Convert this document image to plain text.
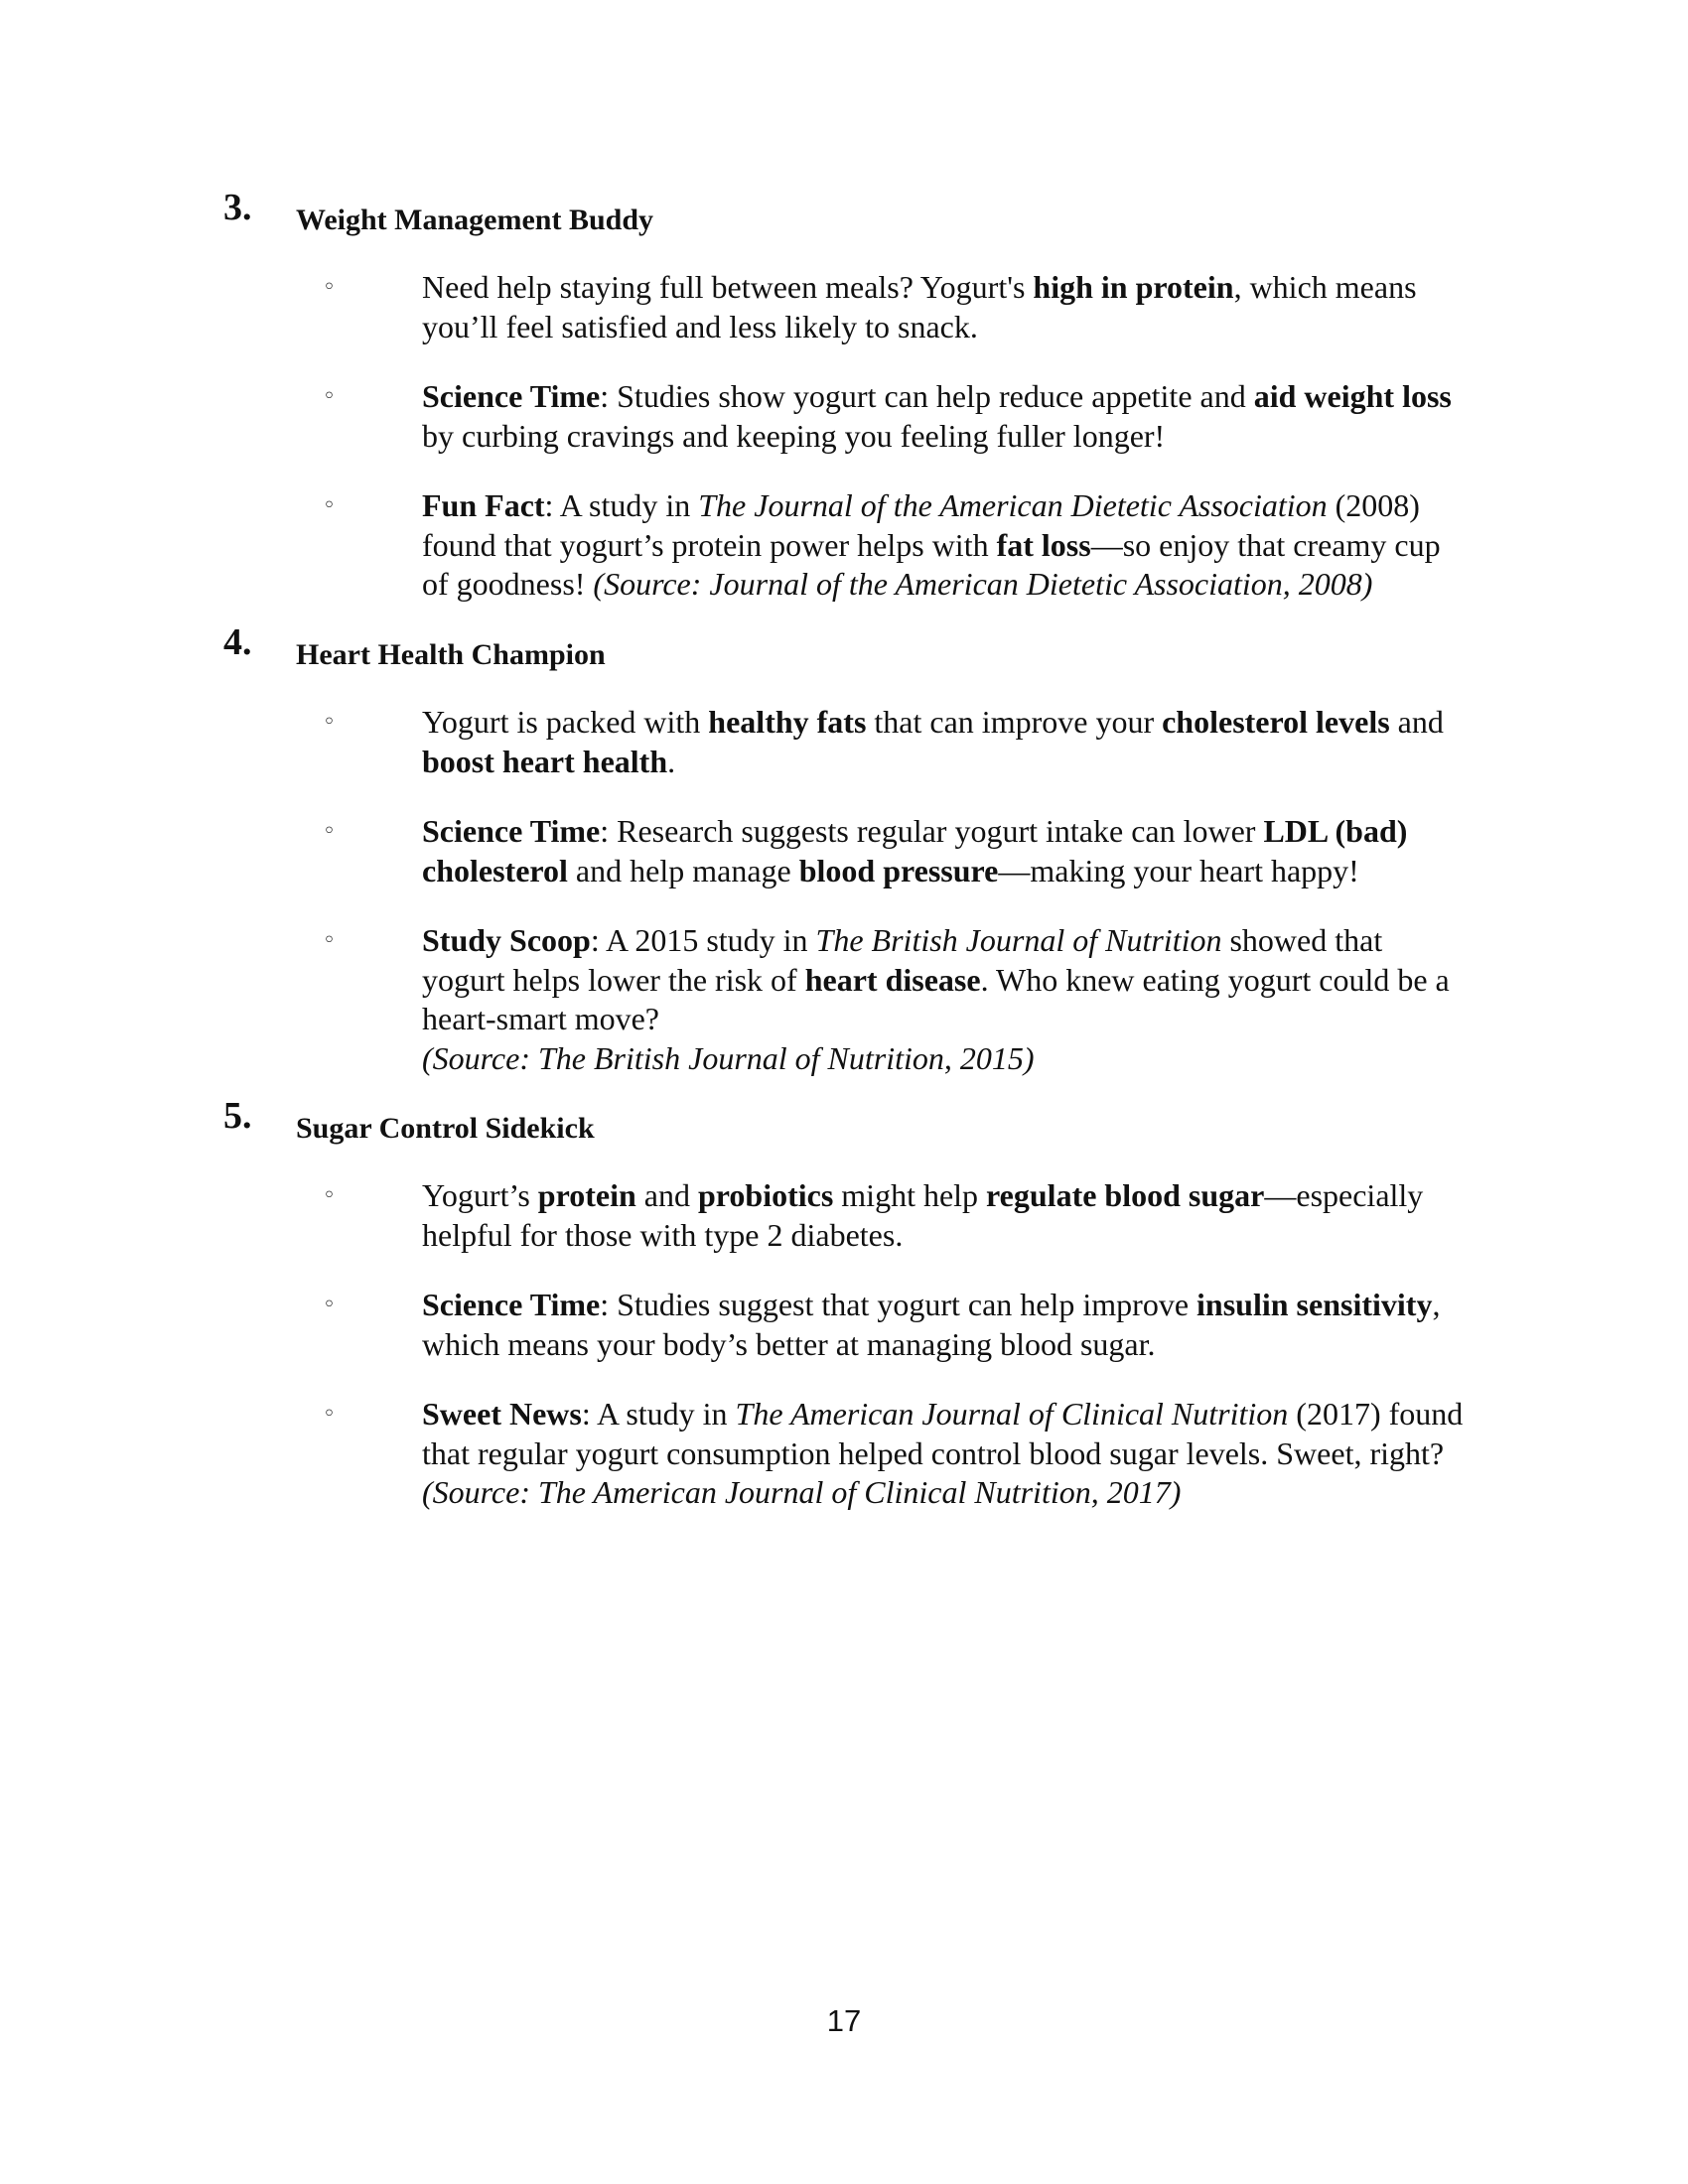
3. Weight Management Buddy
◦	Need help staying full between meals? Yogurt's high in protein, which means
you’ll feel satisfied and less likely to snack.
◦	Science Time: Studies show yogurt can help reduce appetite and aid weight loss
by curbing cravings and keeping you feeling fuller longer!
◦	Fun Fact: A study in The Journal of the American Dietetic Association (2008)
found that yogurt’s protein power helps with fat loss—so enjoy that creamy cup
of goodness! (Source: Journal of the American Dietetic Association, 2008)
4. Heart Health Champion
◦	Yogurt is packed with healthy fats that can improve your cholesterol levels and
boost heart health.
◦	Science Time: Research suggests regular yogurt intake can lower LDL (bad)
cholesterol and help manage blood pressure—making your heart happy!
◦	Study Scoop: A 2015 study in The British Journal of Nutrition showed that
yogurt helps lower the risk of heart disease. Who knew eating yogurt could be a
heart-smart move?
(Source: The British Journal of Nutrition, 2015)
5. Sugar Control Sidekick
◦	Yogurt’s protein and probiotics might help regulate blood sugar—especially
helpful for those with type 2 diabetes.
◦	Science Time: Studies suggest that yogurt can help improve insulin sensitivity,
which means your body’s better at managing blood sugar.
◦	Sweet News: A study in The American Journal of Clinical Nutrition (2017) found
that regular yogurt consumption helped control blood sugar levels. Sweet, right?
(Source: The American Journal of Clinical Nutrition, 2017)
17
